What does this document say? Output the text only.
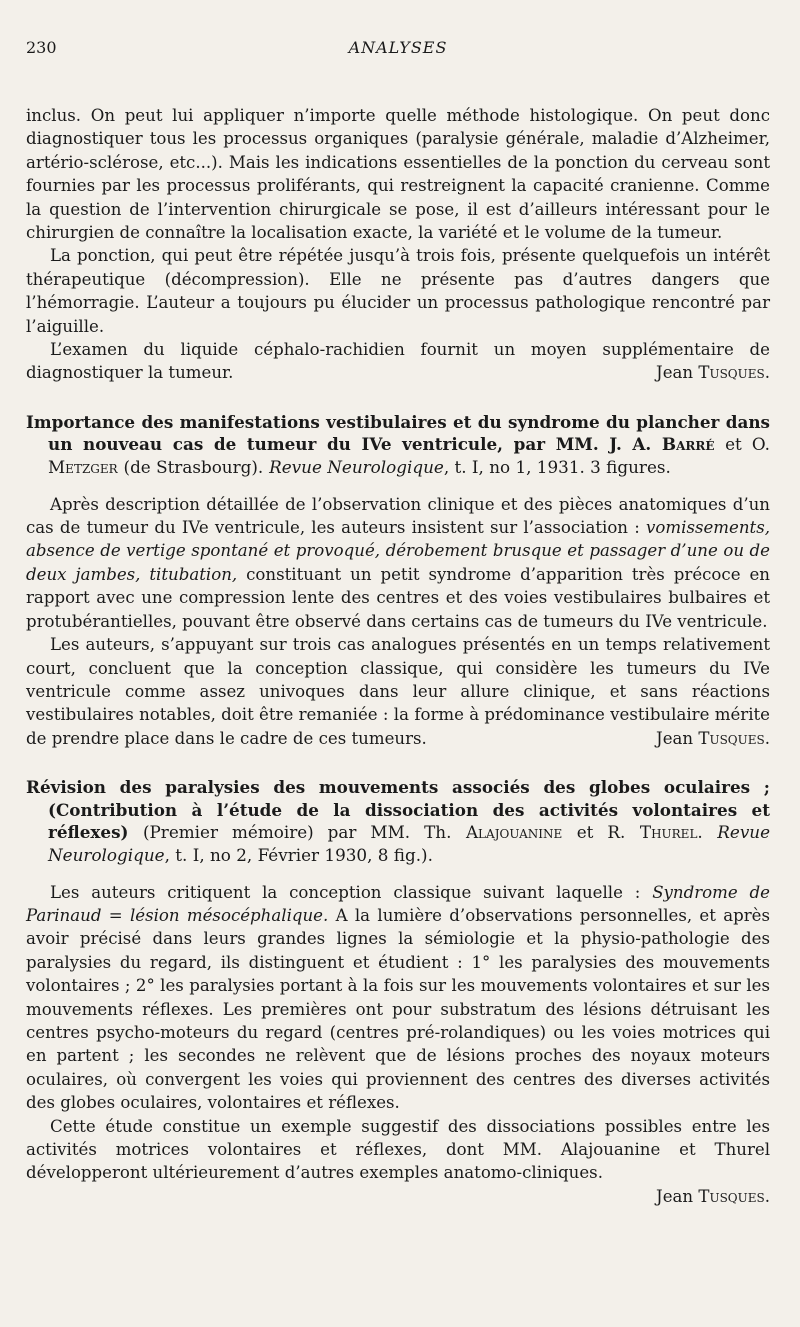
230	ANALYSES

inclus. On peut lui appliquer n’importe quelle méthode histologique. On peut donc diagnostiquer tous les processus organiques (paralysie générale, maladie d’Alzheimer, artério-sclérose, etc...). Mais les indications essentielles de la ponction du cerveau sont fournies par les processus proliférants, qui restreignent la capacité cranienne. Comme la question de l’intervention chirurgicale se pose, il est d’ailleurs intéressant pour le chirurgien de connaître la localisation exacte, la variété et le volume de la tumeur.

La ponction, qui peut être répétée jusqu’à trois fois, présente quelquefois un intérêt thérapeutique (décompression). Elle ne présente pas d’autres dangers que l’hémorragie. L’auteur a toujours pu élucider un processus pathologique rencontré par l’aiguille.

L’examen du liquide céphalo-rachidien fournit un moyen supplémentaire de diagnostiquer la tumeur.	Jean Tusques.

Importance des manifestations vestibulaires et du syndrome du plancher dans un nouveau cas de tumeur du IVe ventricule, par MM. J. A. Barré et O. Metzger (de Strasbourg). Revue Neurologique, t. I, no 1, 1931. 3 figures.

Après description détaillée de l’observation clinique et des pièces anatomiques d’un cas de tumeur du IVe ventricule, les auteurs insistent sur l’association : vomissements, absence de vertige spontané et provoqué, dérobement brusque et passager d’une ou de deux jambes, titubation, constituant un petit syndrome d’apparition très précoce en rapport avec une compression lente des centres et des voies vestibulaires bulbaires et protubérantielles, pouvant être observé dans certains cas de tumeurs du IVe ventricule.

Les auteurs, s’appuyant sur trois cas analogues présentés en un temps relativement court, concluent que la conception classique, qui considère les tumeurs du IVe ventricule comme assez univoques dans leur allure clinique, et sans réactions vestibulaires notables, doit être remaniée : la forme à prédominance vestibulaire mérite de prendre place dans le cadre de ces tumeurs.	Jean Tusques.

Révision des paralysies des mouvements associés des globes oculaires ; (Contribution à l’étude de la dissociation des activités volontaires et réflexes) (Premier mémoire) par MM. Th. Alajouanine et R. Thurel. Revue Neurologique, t. I, no 2, Février 1930, 8 fig.).

Les auteurs critiquent la conception classique suivant laquelle : Syndrome de Parinaud = lésion mésocéphalique. A la lumière d’observations personnelles, et après avoir précisé dans leurs grandes lignes la sémiologie et la physio-pathologie des paralysies du regard, ils distinguent et étudient : 1° les paralysies des mouvements volontaires ; 2° les paralysies portant à la fois sur les mouvements volontaires et sur les mouvements réflexes. Les premières ont pour substratum des lésions détruisant les centres psycho-moteurs du regard (centres pré-rolandiques) ou les voies motrices qui en partent ; les secondes ne relèvent que de lésions proches des noyaux moteurs oculaires, où convergent les voies qui proviennent des centres des diverses activités des globes oculaires, volontaires et réflexes.

Cette étude constitue un exemple suggestif des dissociations possibles entre les activités motrices volontaires et réflexes, dont MM. Alajouanine et Thurel développeront ultérieurement d’autres exemples anatomo-cliniques.

Jean Tusques.
